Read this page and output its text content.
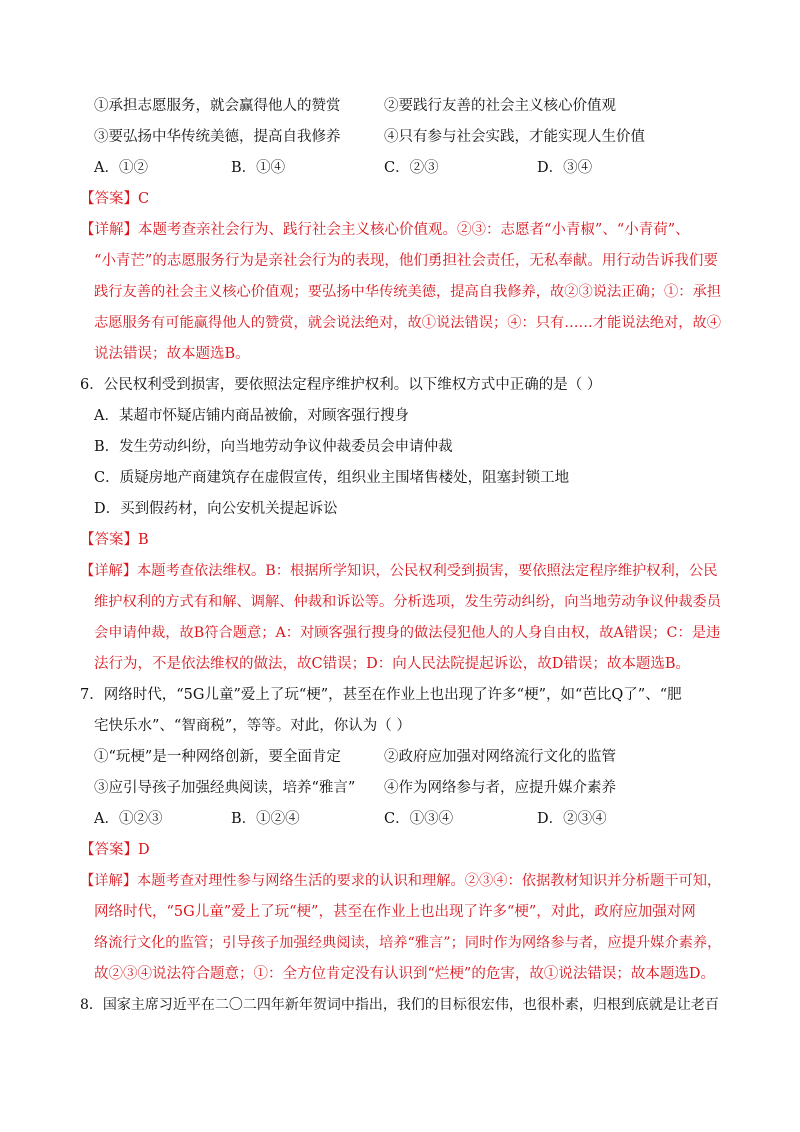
①承担志愿服务，就会赢得他人的赞赏	②要践行友善的社会主义核心价值观
③要弘扬中华传统美德，提高自我修养	④只有参与社会实践，才能实现人生价值
A．①②	B．①④	C．②③	D．③④
【答案】C
【详解】本题考查亲社会行为、践行社会主义核心价值观。②③：志愿者“小青椒”、“小青荷”、
“小青芒”的志愿服务行为是亲社会行为的表现，他们勇担社会责任，无私奉献。用行动告诉我们要
践行友善的社会主义核心价值观；要弘扬中华传统美德，提高自我修养，故②③说法正确；①：承担
志愿服务有可能赢得他人的赞赏，就会说法绝对，故①说法错误；④：只有……才能说法绝对，故④
说法错误；故本题选B。
6．公民权利受到损害，要依照法定程序维护权利。以下维权方式中正确的是（ ）
A．某超市怀疑店铺内商品被偷，对顾客强行搜身
B．发生劳动纠纷，向当地劳动争议仲裁委员会申请仲裁
C．质疑房地产商建筑存在虚假宣传，组织业主围堵售楼处，阻塞封锁工地
D．买到假药材，向公安机关提起诉讼
【答案】B
【详解】本题考查依法维权。B：根据所学知识，公民权利受到损害，要依照法定程序维护权利，公民
维护权利的方式有和解、调解、仲裁和诉讼等。分析选项，发生劳动纠纷，向当地劳动争议仲裁委员
会申请仲裁，故B符合题意；A：对顾客强行搜身的做法侵犯他人的人身自由权，故A错误；C：是违
法行为，不是依法维权的做法，故C错误；D：向人民法院提起诉讼，故D错误；故本题选B。
7．网络时代，“5G儿童”爱上了玩“梗”，甚至在作业上也出现了许多“梗”，如“芭比Q了”、“肥
宅快乐水”、“智商税”，等等。对此，你认为（ ）
①“玩梗”是一种网络创新，要全面肯定	②政府应加强对网络流行文化的监管
③应引导孩子加强经典阅读，培养“雅言” ④作为网络参与者，应提升媒介素养
A．①②③	B．①②④	C．①③④	D．②③④
【答案】D
【详解】本题考查对理性参与网络生活的要求的认识和理解。②③④：依据教材知识并分析题干可知，
网络时代，“5G儿童”爱上了玩“梗”，甚至在作业上也出现了许多“梗”，对此，政府应加强对网
络流行文化的监管；引导孩子加强经典阅读，培养“雅言”；同时作为网络参与者，应提升媒介素养，
故②③④说法符合题意；①：全方位肯定没有认识到“烂梗”的危害，故①说法错误；故本题选D。
8．国家主席习近平在二〇二四年新年贺词中指出，我们的目标很宏伟，也很朴素，归根到底就是让老百
